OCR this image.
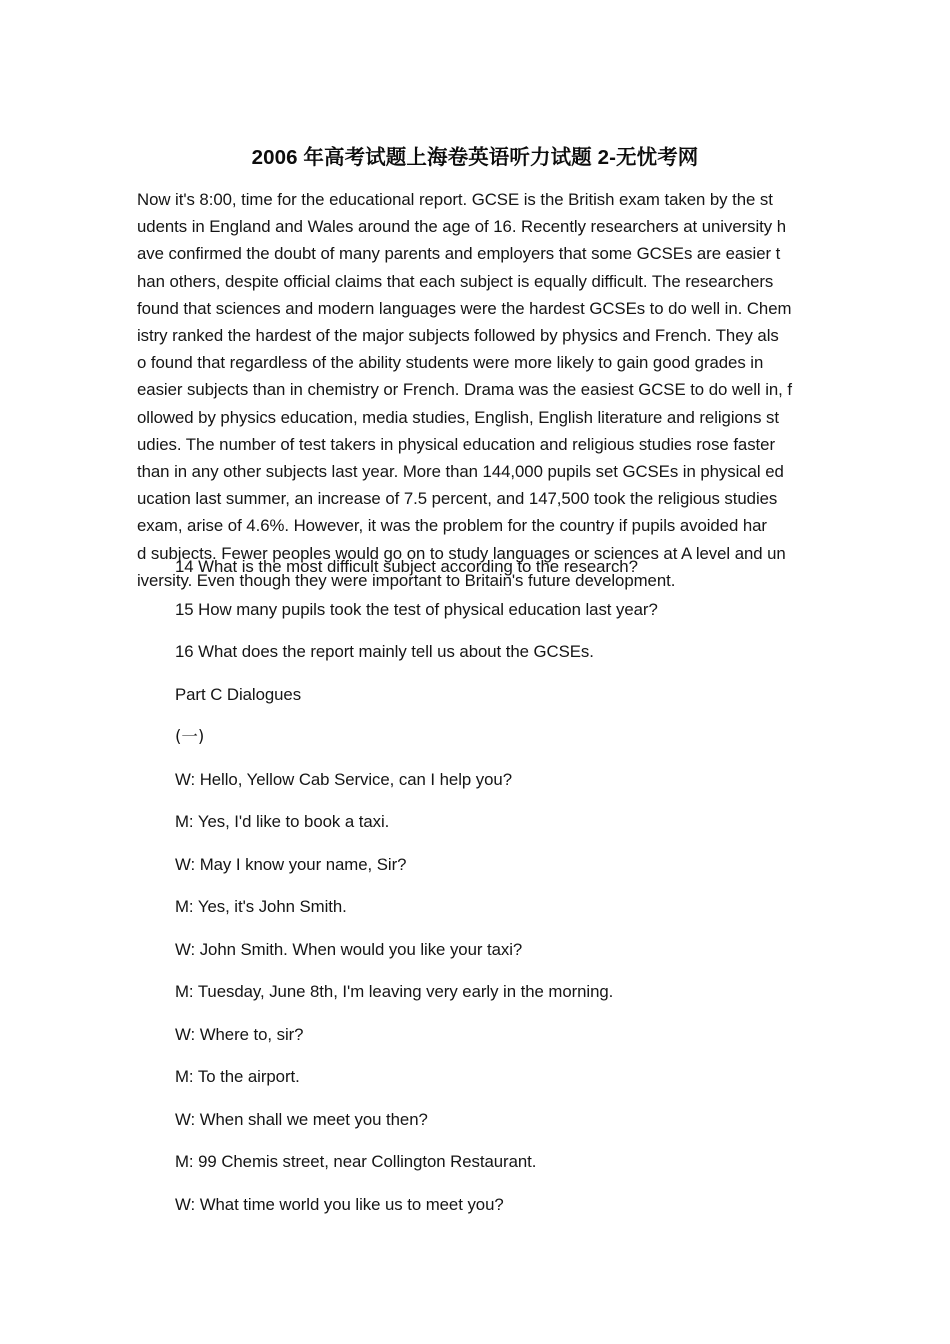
2006 年高考试题上海卷英语听力试题 2-无忧考网
Now it's 8:00, time for the educational report. GCSE is the British exam taken by the st
udents in England and Wales around the age of 16. Recently researchers at university h
ave confirmed the doubt of many parents and employers that some GCSEs are easier t
han others, despite official claims that each subject is equally difficult. The researchers
found that sciences and modern languages were the hardest GCSEs to do well in. Chem
istry ranked the hardest of the major subjects followed by physics and French. They als
o found that regardless of the ability students were more likely to gain good grades in
easier subjects than in chemistry or French. Drama was the easiest GCSE to do well in, f
ollowed by physics education, media studies, English, English literature and religions st
udies. The number of test takers in physical education and religious studies rose faster
than in any other subjects last year. More than 144,000 pupils set GCSEs in physical ed
ucation last summer, an increase of 7.5 percent, and 147,500 took the religious studies
exam, arise of 4.6%. However, it was the problem for the country if pupils avoided har
d subjects. Fewer peoples would go on to study languages or sciences at A level and un
iversity. Even though they were important to Britain's future development.
14 What is the most difficult subject according to the research?
15 How many pupils took the test of physical education last year?
16 What does the report mainly tell us about the GCSEs.
Part C Dialogues
(一)
W: Hello, Yellow Cab Service, can I help you?
M: Yes, I'd like to book a taxi.
W: May I know your name, Sir?
M: Yes, it's John Smith.
W: John Smith. When would you like your taxi?
M: Tuesday, June 8th, I'm leaving very early in the morning.
W: Where to, sir?
M: To the airport.
W: When shall we meet you then?
M: 99 Chemis street, near Collington Restaurant.
W: What time world you like us to meet you?
